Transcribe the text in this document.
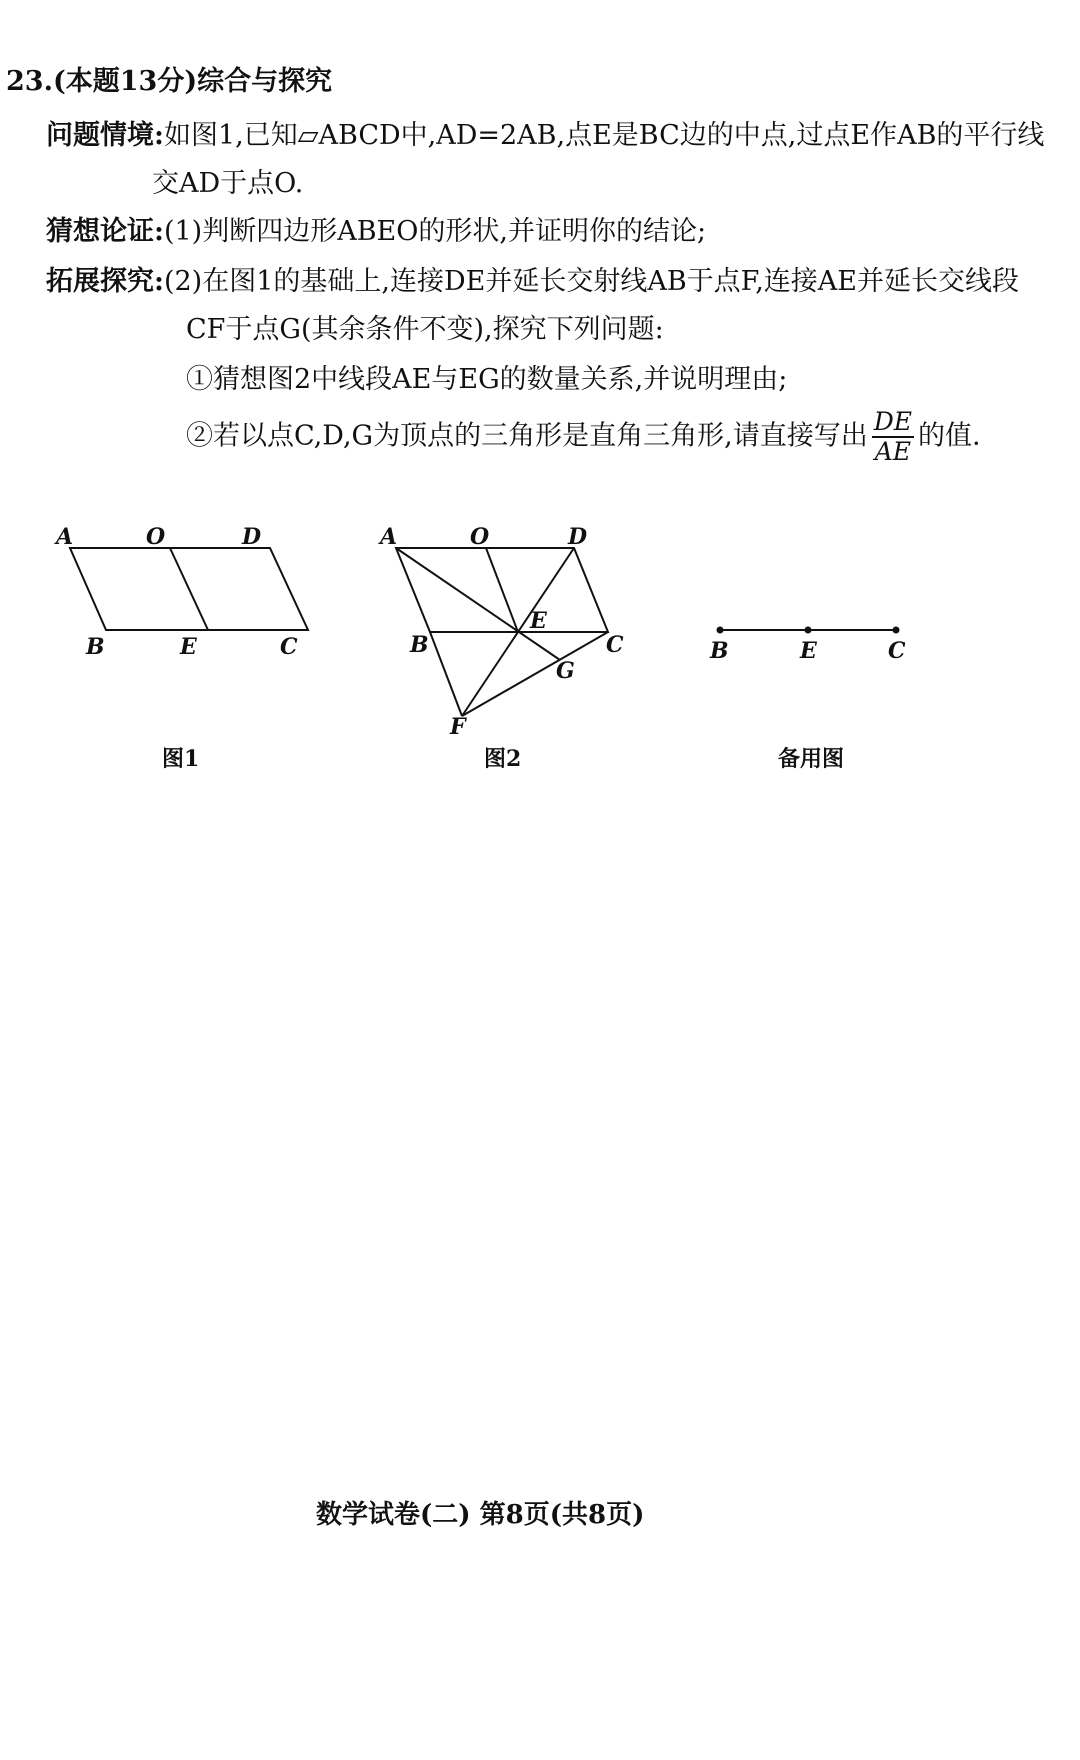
23.(本题13分)综合与探究
问题情境:如图1,已知▱ABCD中,AD=2AB,点E是BC边的中点,过点E作AB的平行线
交AD于点O.
猜想论证:(1)判断四边形ABEO的形状,并证明你的结论;
拓展探究:(2)在图1的基础上,连接DE并延长交射线AB于点F,连接AE并延长交线段
CF于点G(其余条件不变),探究下列问题:
①猜想图2中线段AE与EG的数量关系,并说明理由;
②若以点C,D,G为顶点的三角形是直角三角形,请直接写出 $\frac{DE}{AE}$ 的值.
A	O	D
B	E	C
图1
A	O	D
B
E
C
G
F
图2
B	E	C
备用图
数学试卷(二) 第8页(共8页)
